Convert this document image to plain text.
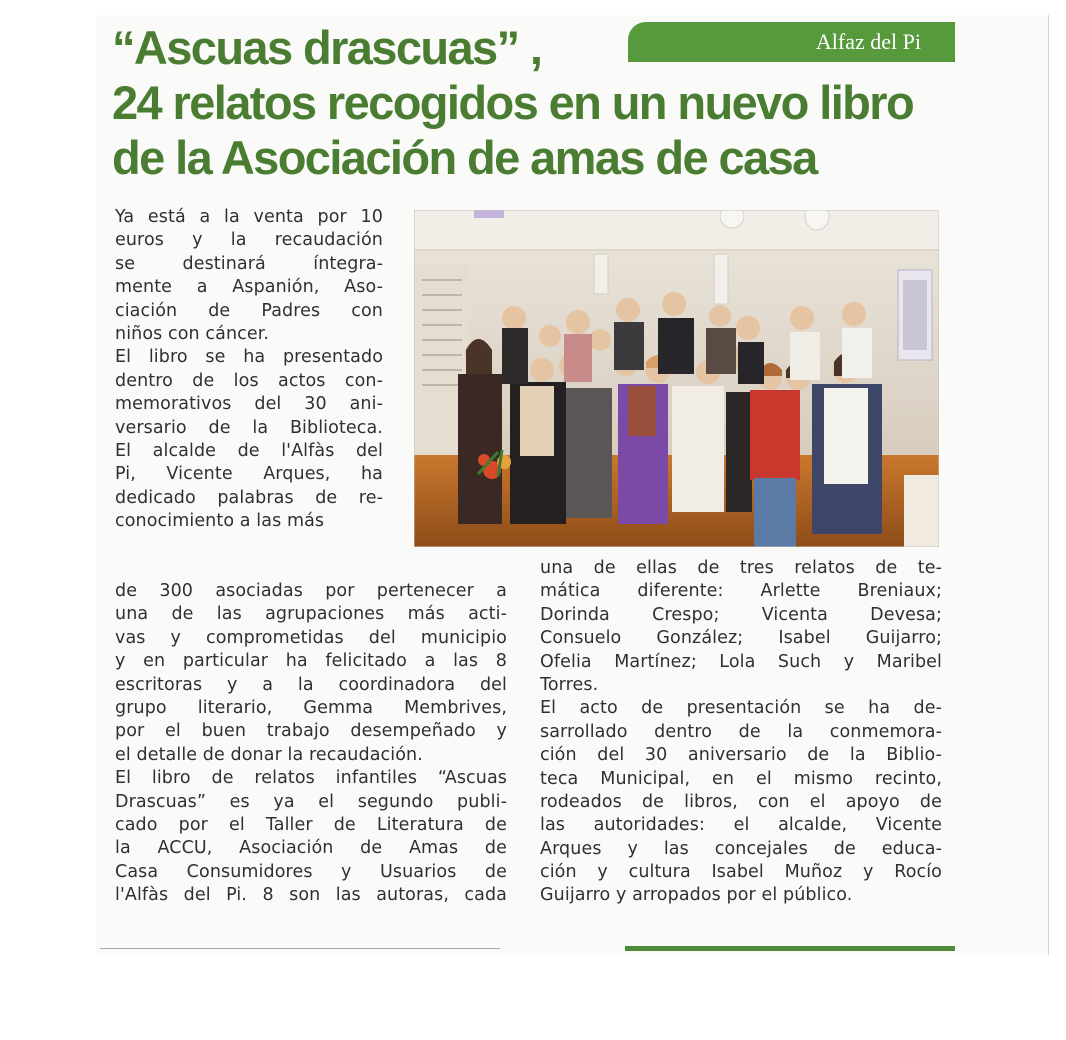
Alfaz del Pi
“Ascuas drascuas” ,
24 relatos recogidos en un nuevo libro
de la Asociación de amas de casa
Ya está a la venta por 10
euros y la recaudación
se destinará íntegra-
mente a Aspanión, Aso-
ciación de Padres con
niños con cáncer.
El libro se ha presentado
dentro de los actos con-
memorativos del 30 ani-
versario de la Biblioteca.
El alcalde de l'Alfàs del
Pi, Vicente Arques, ha
dedicado palabras de re-
conocimiento a las más
de 300 asociadas por pertenecer a
una de las agrupaciones más acti-
vas y comprometidas del municipio
y en particular ha felicitado a las 8
escritoras y a la coordinadora del
grupo literario, Gemma Membrives,
por el buen trabajo desempeñado y
el detalle de donar la recaudación.
El libro de relatos infantiles “Ascuas
Drascuas” es ya el segundo publi-
cado por el Taller de Literatura de
la ACCU, Asociación de Amas de
Casa Consumidores y Usuarios de
l'Alfàs del Pi. 8 son las autoras, cada
una de ellas de tres relatos de te-
mática diferente: Arlette Breniaux;
Dorinda Crespo; Vicenta Devesa;
Consuelo González; Isabel Guijarro;
Ofelia Martínez; Lola Such y Maribel
Torres.
El acto de presentación se ha de-
sarrollado dentro de la conmemora-
ción del 30 aniversario de la Biblio-
teca Municipal, en el mismo recinto,
rodeados de libros, con el apoyo de
las autoridades: el alcalde, Vicente
Arques y las concejales de educa-
ción y cultura Isabel Muñoz y Rocío
Guijarro y arropados por el público.
